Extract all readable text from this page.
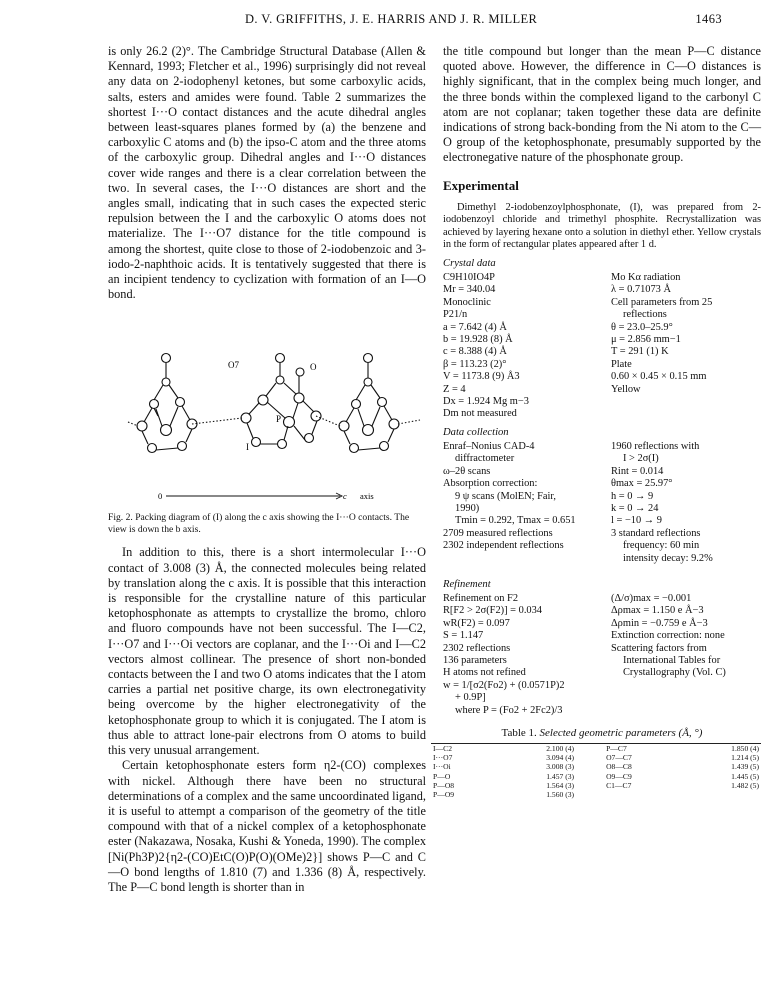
D. V. GRIFFITHS, J. E. HARRIS AND J. R. MILLER	1463

is only 26.2 (2)°. The Cambridge Structural Database (Allen & Kennard, 1993; Fletcher et al., 1996) surprisingly did not reveal any data on 2-iodophenyl ketones, but some carboxylic acids, salts, esters and amides were found. Table 2 summarizes the shortest I···O contact distances and the acute dihedral angles between least-squares planes formed by (a) the benzene and carboxylic C atoms and (b) the ipso-C atom and the three atoms of the carboxylic group. Dihedral angles and I···O distances cover wide ranges and there is a clear correlation between the two. In several cases, the I···O distances are short and the angles small, indicating that in such cases the expected steric repulsion between the I and the carboxylic O atoms does not materialize. The I···O7 distance for the title compound is among the shortest, quite close to those of 2-iodobenzoic and 3-iodo-2-naphthoic acids. It is tentatively suggested that there is an incipient tendency to cyclization with formation of an I—O bond.

O7	O
P
I
0	c axis

Fig. 2. Packing diagram of (I) along the c axis showing the I···O contacts. The view is down the b axis.

In addition to this, there is a short intermolecular I···O contact of 3.008 (3) Å, the connected molecules being related by translation along the c axis. It is possible that this interaction is responsible for the crystalline nature of this particular ketophosphonate as attempts to crystallize the bromo, chloro and fluoro compounds have not been successful. The I—C2, I···O7 and I···Oi vectors are coplanar, and the I···Oi and I—C2 vectors almost collinear. The presence of short non-bonded contacts between the I and two O atoms indicates that the I atom carries a partial net positive charge, its own electronegativity being overcome by the higher electronegativity of the ketophosphonate group to which it is conjugated. The I atom is thus able to attract lone-pair electrons from O atoms to build this very unusual arrangement.

Certain ketophosphonate esters form η2-(CO) complexes with nickel. Although there have been no structural determinations of a complex and the same uncoordinated ligand, it is useful to attempt a comparison of the geometry of the title compound with that of a nickel complex of a ketophosphonate ester (Nakazawa, Nosaka, Kushi & Yoneda, 1990). The complex [Ni(Ph3P)2{η2-(CO)EtC(O)P(O)(OMe)2}] shows P—C and C—O bond lengths of 1.810 (7) and 1.336 (8) Å, respectively. The P—C bond length is shorter than in

the title compound but longer than the mean P—C distance quoted above. However, the difference in C—O distances is highly significant, that in the complex being much longer, and the three bonds within the complexed ligand to the carbonyl C atom are not coplanar; taken together these data are definite indications of strong back-bonding from the Ni atom to the C—O group of the ketophosphonate, presumably supported by the electronegative nature of the phosphonate group.

Experimental

Dimethyl 2-iodobenzoylphosphonate, (I), was prepared from 2-iodobenzoyl chloride and trimethyl phosphite. Recrystallization was achieved by layering hexane onto a solution in diethyl ether. Yellow crystals in the form of rectangular plates appeared after 1 d.

Crystal data
C9H10IO4P
Mr = 340.04
Monoclinic
P21/n
a = 7.642 (4) Å
b = 19.928 (8) Å
c = 8.388 (4) Å
β = 113.23 (2)°
V = 1173.8 (9) Å3
Z = 4
Dx = 1.924 Mg m−3
Dm not measured
Mo Kα radiation
λ = 0.71073 Å
Cell parameters from 25
reflections
θ = 23.0–25.9°
μ = 2.856 mm−1
T = 291 (1) K
Plate
0.60 × 0.45 × 0.15 mm
Yellow
Data collection
Enraf–Nonius CAD-4
diffractometer
ω–2θ scans
Absorption correction:
9 ψ scans (MolEN; Fair,
1990)
Tmin = 0.292, Tmax = 0.651
2709 measured reflections
2302 independent reflections
1960 reflections with
I > 2σ(I)
Rint = 0.014
θmax = 25.97°
h = 0 → 9
k = 0 → 24
l = −10 → 9
3 standard reflections
frequency: 60 min
intensity decay: 9.2%
Refinement
Refinement on F2
R[F2 > 2σ(F2)] = 0.034
wR(F2) = 0.097
S = 1.147
2302 reflections
136 parameters
H atoms not refined
w = 1/[σ2(Fo2) + (0.0571P)2
+ 0.9P]
where P = (Fo2 + 2Fc2)/3
(Δ/σ)max = −0.001
Δρmax = 1.150 e Å−3
Δρmin = −0.759 e Å−3
Extinction correction: none
Scattering factors from
International Tables for
Crystallography (Vol. C)
Table 1. Selected geometric parameters (Å, °)
I—C2	2.100 (4)		P—C7	1.850 (4)
I···O7	3.094 (4)		O7—C7	1.214 (5)
I···Oi	3.008 (3)		O8—C8	1.439 (5)
P—O	1.457 (3)		O9—C9	1.445 (5)
P—O8	1.564 (3)		C1—C7	1.482 (5)
P—O9	1.560 (3)			
